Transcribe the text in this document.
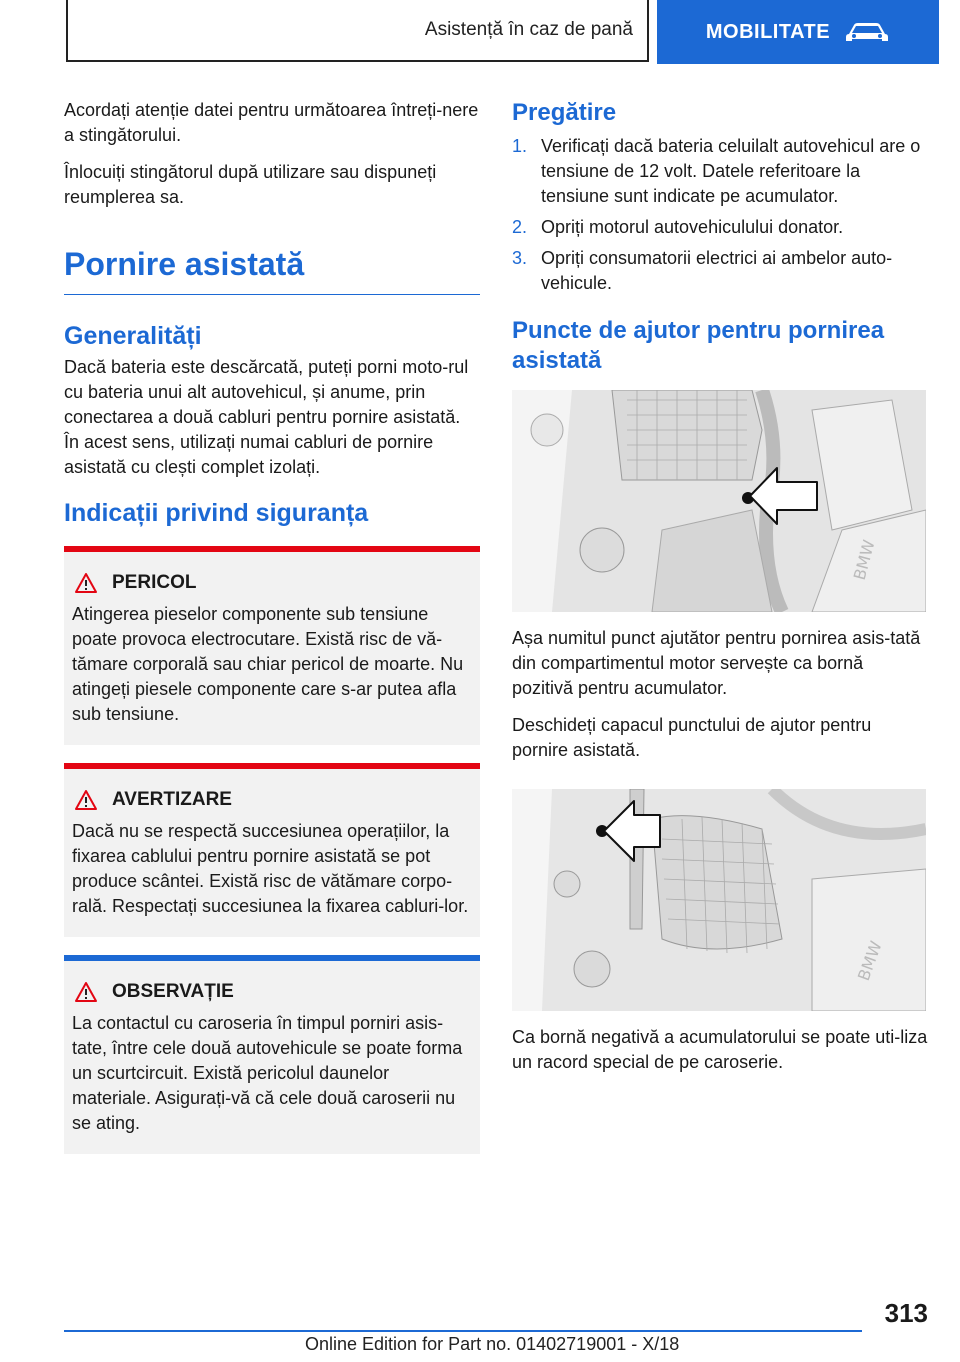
Asistență în caz de pană	MOBILITATE

Acordați atenție datei pentru următoarea întreți-nere a stingătorului.

Înlocuiți stingătorul după utilizare sau dispuneți reumplerea sa.

Pornire asistată
Generalități

Dacă bateria este descărcată, puteți porni moto-rul cu bateria unui alt autovehicul, și anume, prin conectarea a două cabluri pentru pornire asistată. În acest sens, utilizați numai cabluri de pornire asistată cu clești complet izolați.

Indicații privind siguranța
PERICOL

Atingerea pieselor componente sub tensiune poate provoca electrocutare. Există risc de vă-tămare corporală sau chiar pericol de moarte. Nu atingeți piesele componente care s-ar putea afla sub tensiune.

AVERTIZARE

Dacă nu se respectă succesiunea operațiilor, la fixarea cablului pentru pornire asistată se pot produce scântei. Există risc de vătămare corpo-rală. Respectați succesiunea la fixarea cabluri-lor.

OBSERVAȚIE

La contactul cu caroseria în timpul porniri asis-tate, între cele două autovehicule se poate forma un scurtcircuit. Există pericolul daunelor materiale. Asigurați-vă că cele două caroserii nu se ating.

Pregătire
1. Verificați dacă bateria celuilalt autovehicul are o tensiune de 12 volt. Datele referitoare la tensiune sunt indicate pe acumulator.
2. Opriți motorul autovehiculului donator.
3. Opriți consumatorii electrici ai ambelor auto-vehicule.
Puncte de ajutor pentru pornirea asistată
BMW

Așa numitul punct ajutător pentru pornirea asis-tată din compartimentul motor servește ca bornă pozitivă pentru acumulator.

Deschideți capacul punctului de ajutor pentru pornire asistată.

BMW

Ca bornă negativă a acumulatorului se poate uti-liza un racord special de pe caroserie.

313
Online Edition for Part no. 01402719001 - X/18
